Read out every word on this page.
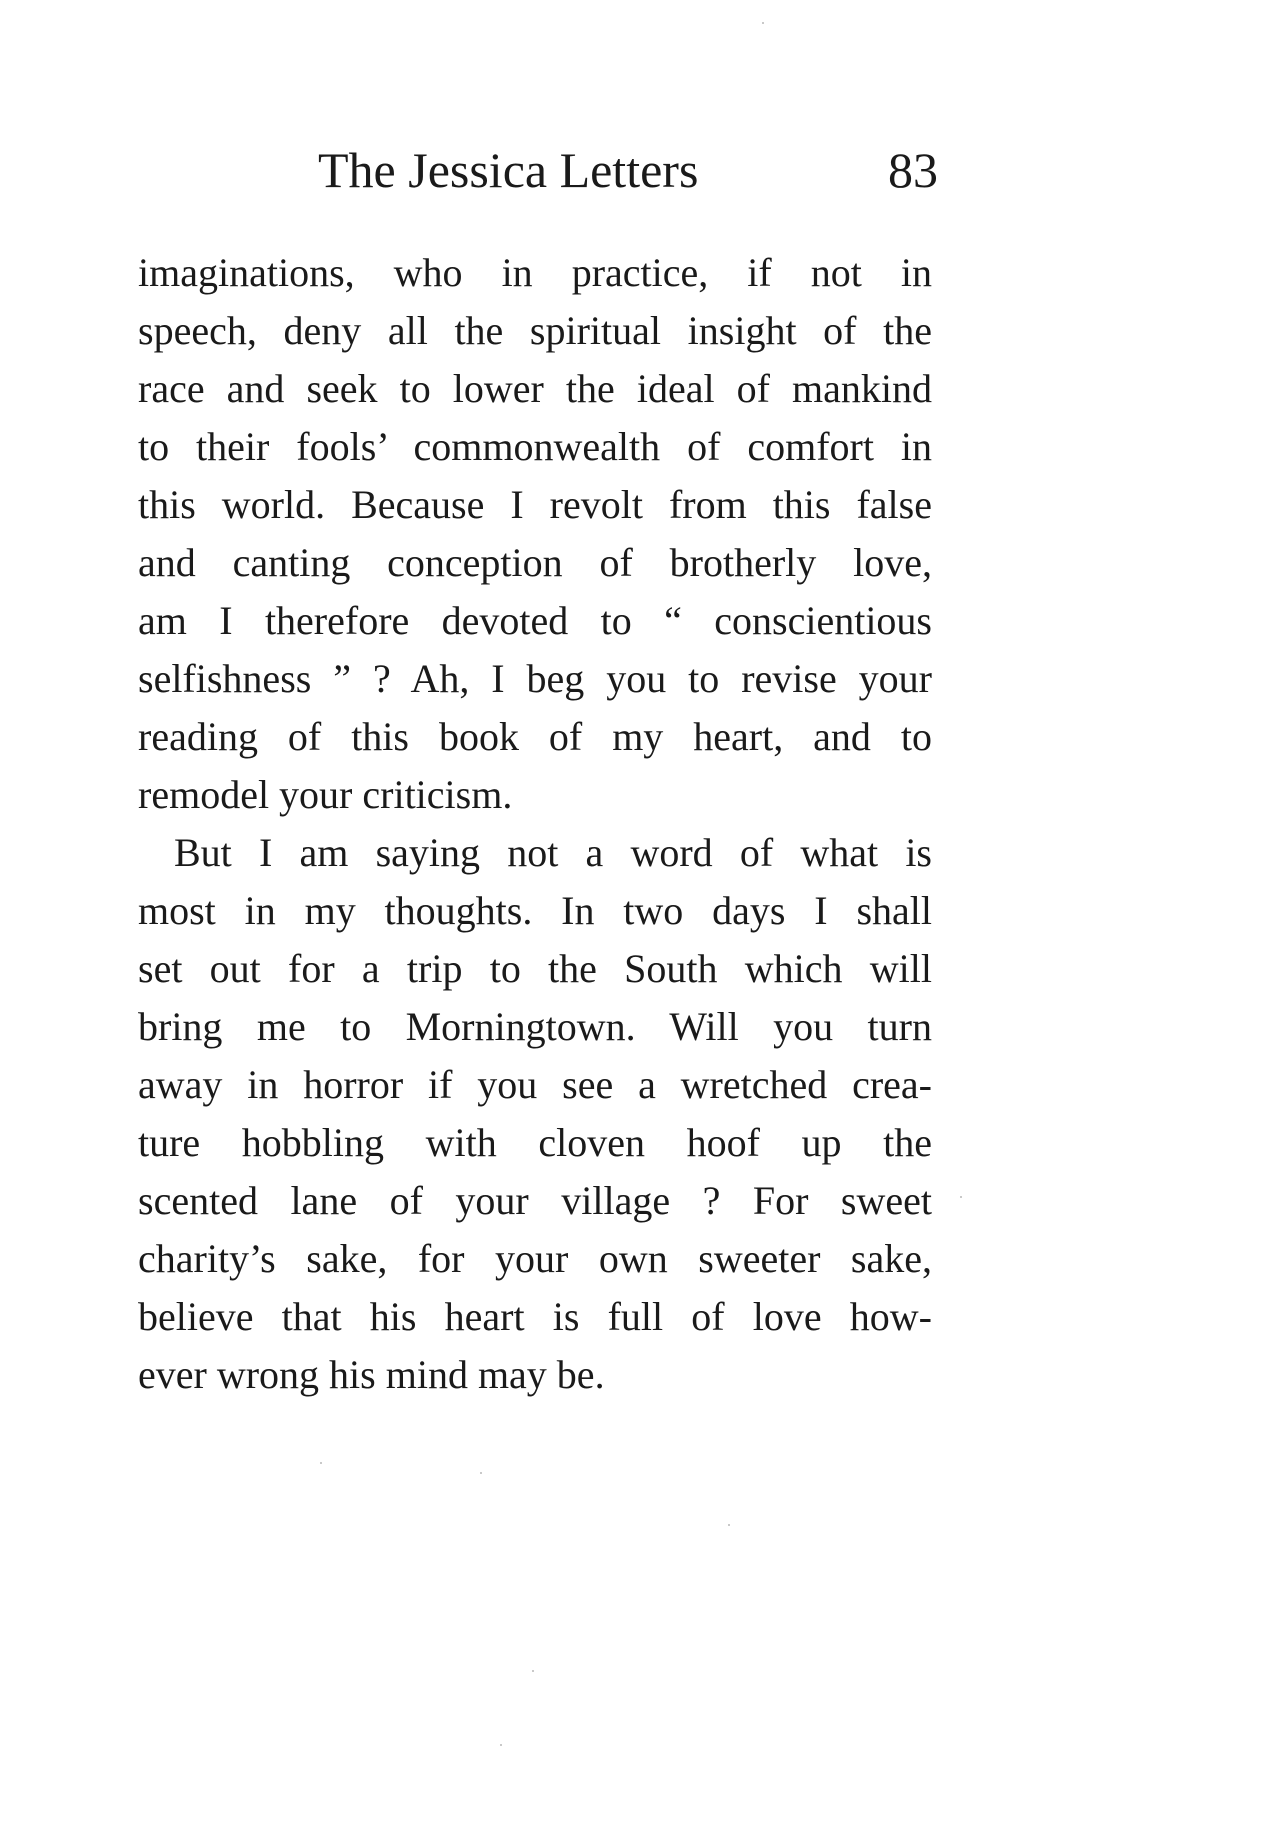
The Jessica Letters	83
imaginations, who in practice, if not in
speech, deny all the spiritual insight of the
race and seek to lower the ideal of mankind
to their fools’ commonwealth of comfort in
this world. Because I revolt from this false
and canting conception of brotherly love,
am I therefore devoted to “ conscientious
selfishness ” ? Ah, I beg you to revise your
reading of this book of my heart, and to
remodel your criticism.
But I am saying not a word of what is
most in my thoughts. In two days I shall
set out for a trip to the South which will
bring me to Morningtown. Will you turn
away in horror if you see a wretched crea-
ture hobbling with cloven hoof up the
scented lane of your village ? For sweet
charity’s sake, for your own sweeter sake,
believe that his heart is full of love how-
ever wrong his mind may be.
